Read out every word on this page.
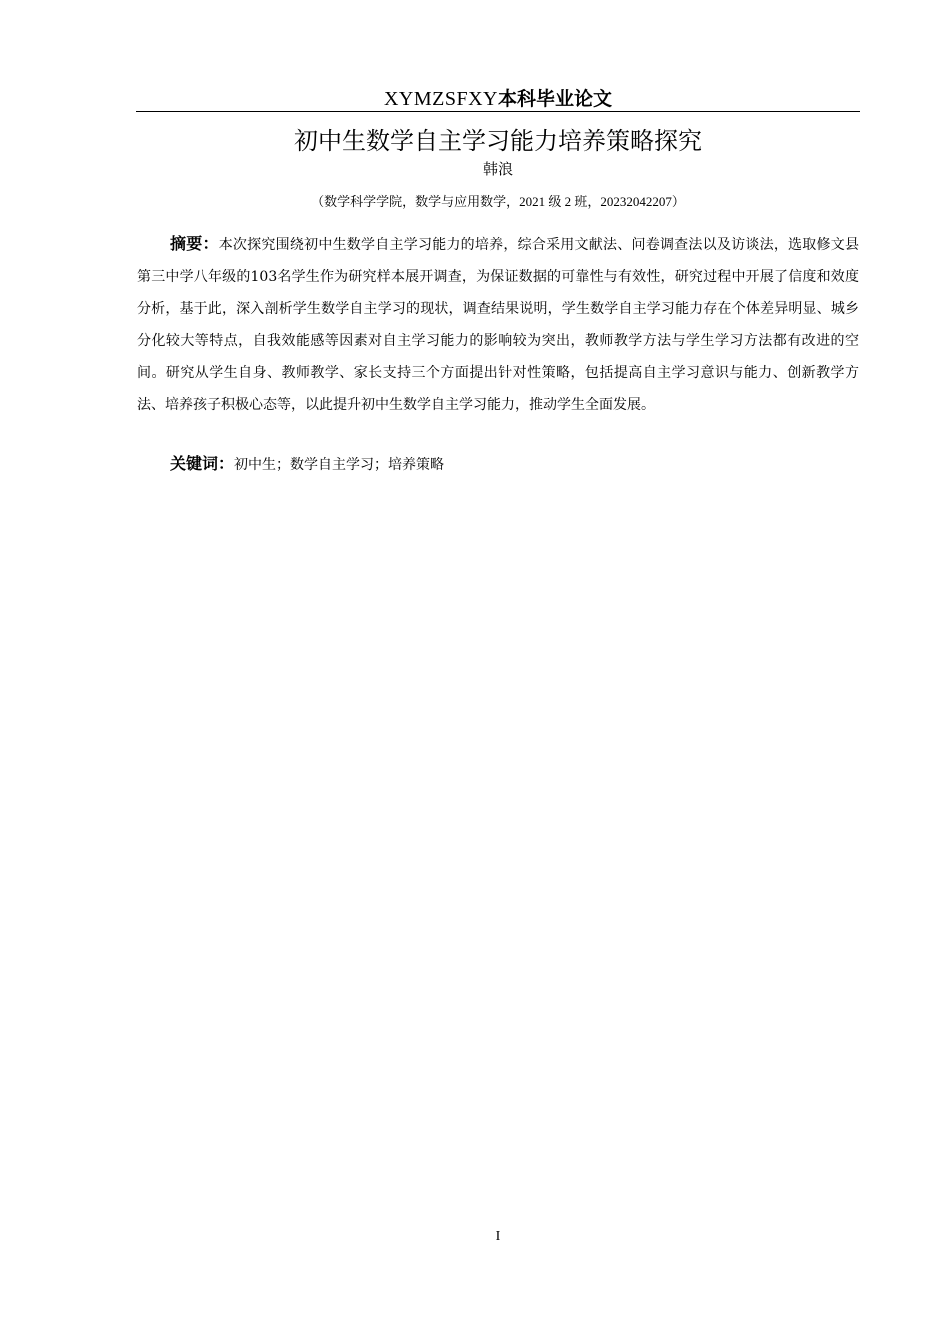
XYMZSFXY本科毕业论文
初中生数学自主学习能力培养策略探究
韩浪
（数学科学学院，数学与应用数学，2021 级 2 班，20232042207）

摘要：本次探究围绕初中生数学自主学习能力的培养，综合采用文献法、问卷调查法以及访谈法，选取修文县第三中学八年级的103名学生作为研究样本展开调查，为保证数据的可靠性与有效性，研究过程中开展了信度和效度分析，基于此，深入剖析学生数学自主学习的现状，调查结果说明，学生数学自主学习能力存在个体差异明显、城乡分化较大等特点，自我效能感等因素对自主学习能力的影响较为突出，教师教学方法与学生学习方法都有改进的空间。研究从学生自身、教师教学、家长支持三个方面提出针对性策略，包括提高自主学习意识与能力、创新教学方法、培养孩子积极心态等，以此提升初中生数学自主学习能力，推动学生全面发展。

关键词：初中生；数学自主学习；培养策略

I
